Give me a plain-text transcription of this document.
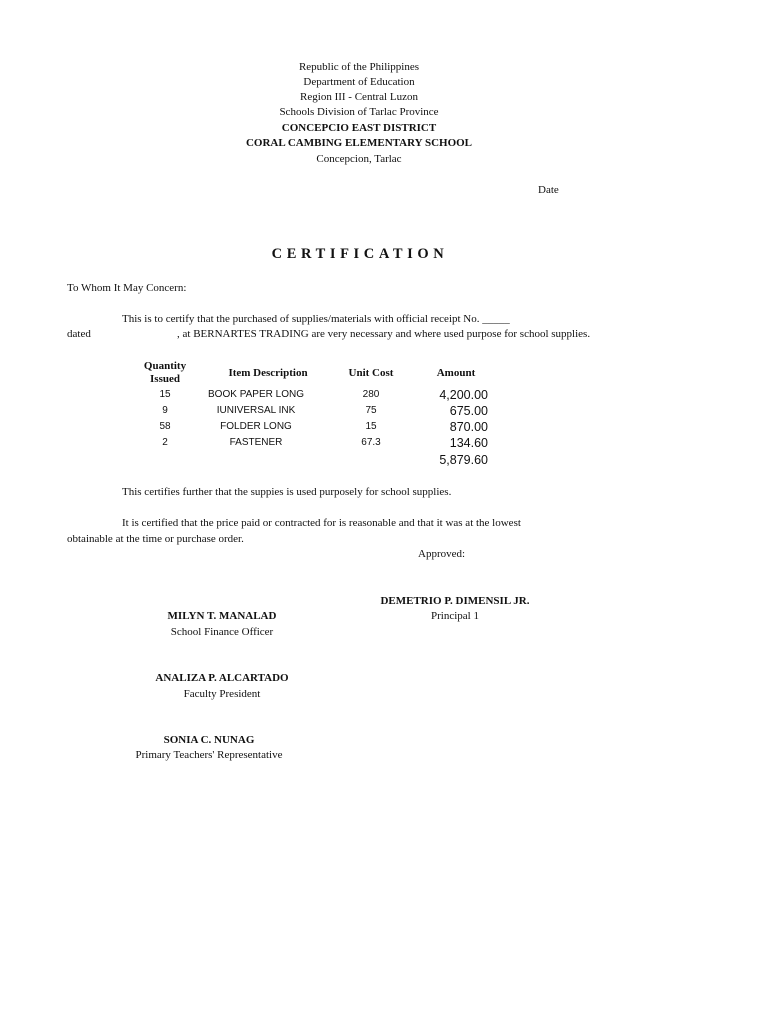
Republic of the Philippines
Department of Education
Region III - Central Luzon
Schools Division of Tarlac Province
CONCEPCIO EAST DISTRICT
CORAL CAMBING ELEMENTARY SCHOOL
Concepcion, Tarlac
Date
CERTIFICATION
To Whom It May Concern:
This is to certify that the purchased of supplies/materials with official receipt No. _____
dated	, at BERNARTES TRADING are very necessary and where used purpose for school supplies.
Quantity
Issued	Item Description	Unit Cost	Amount
15	BOOK PAPER LONG	280	4,200.00
9	IUNIVERSAL INK	75	675.00
58	FOLDER LONG	15	870.00
2	FASTENER	67.3	134.60
5,879.60
This certifies further that the suppies is used purposely for school supplies.
It is certified that the price paid or contracted for is reasonable and that it was at the lowest
obtainable at the time or purchase order.
Approved:
DEMETRIO P. DIMENSIL JR.
Principal 1
MILYN T. MANALAD
School Finance Officer
ANALIZA P. ALCARTADO
Faculty President
SONIA C. NUNAG
Primary Teachers' Representative
